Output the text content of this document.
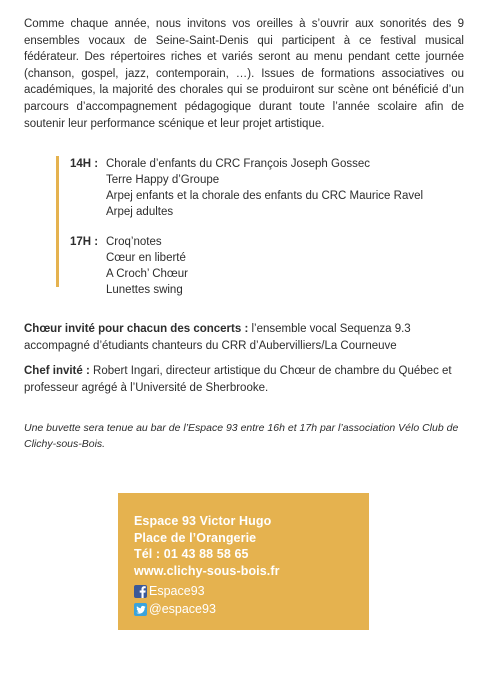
Comme chaque année, nous invitons vos oreilles à s’ouvrir aux sonorités des 9 ensembles vocaux de Seine-Saint-Denis qui participent à ce festival musical fédérateur. Des répertoires riches et variés seront au menu pendant cette journée (chanson, gospel, jazz, contemporain, …). Issues de formations associatives ou académiques, la majorité des chorales qui se produiront sur scène ont bénéficié d’un parcours d’accompagnement pédagogique durant toute l’année scolaire afin de soutenir leur performance scénique et leur projet artistique.

14H : Chorale d’enfants du CRC François Joseph Gossec
Terre Happy d’Groupe
Arpej enfants et la chorale des enfants du CRC Maurice Ravel
Arpej adultes
17H : Croq’notes
Cœur en liberté
A Croch’ Chœur
Lunettes swing

Chœur invité pour chacun des concerts : l’ensemble vocal Sequenza 9.3 accompagné d’étudiants chanteurs du CRR d’Aubervilliers/La Courneuve

Chef invité : Robert Ingari, directeur artistique du Chœur de chambre du Québec et professeur agrégé à l’Université de Sherbrooke.

Une buvette sera tenue au bar de l’Espace 93 entre 16h et 17h par l’association Vélo Club de Clichy-sous-Bois.

Espace 93 Victor Hugo
Place de l’Orangerie
Tél : 01 43 88 58 65
www.clichy-sous-bois.fr
Espace93
@espace93
